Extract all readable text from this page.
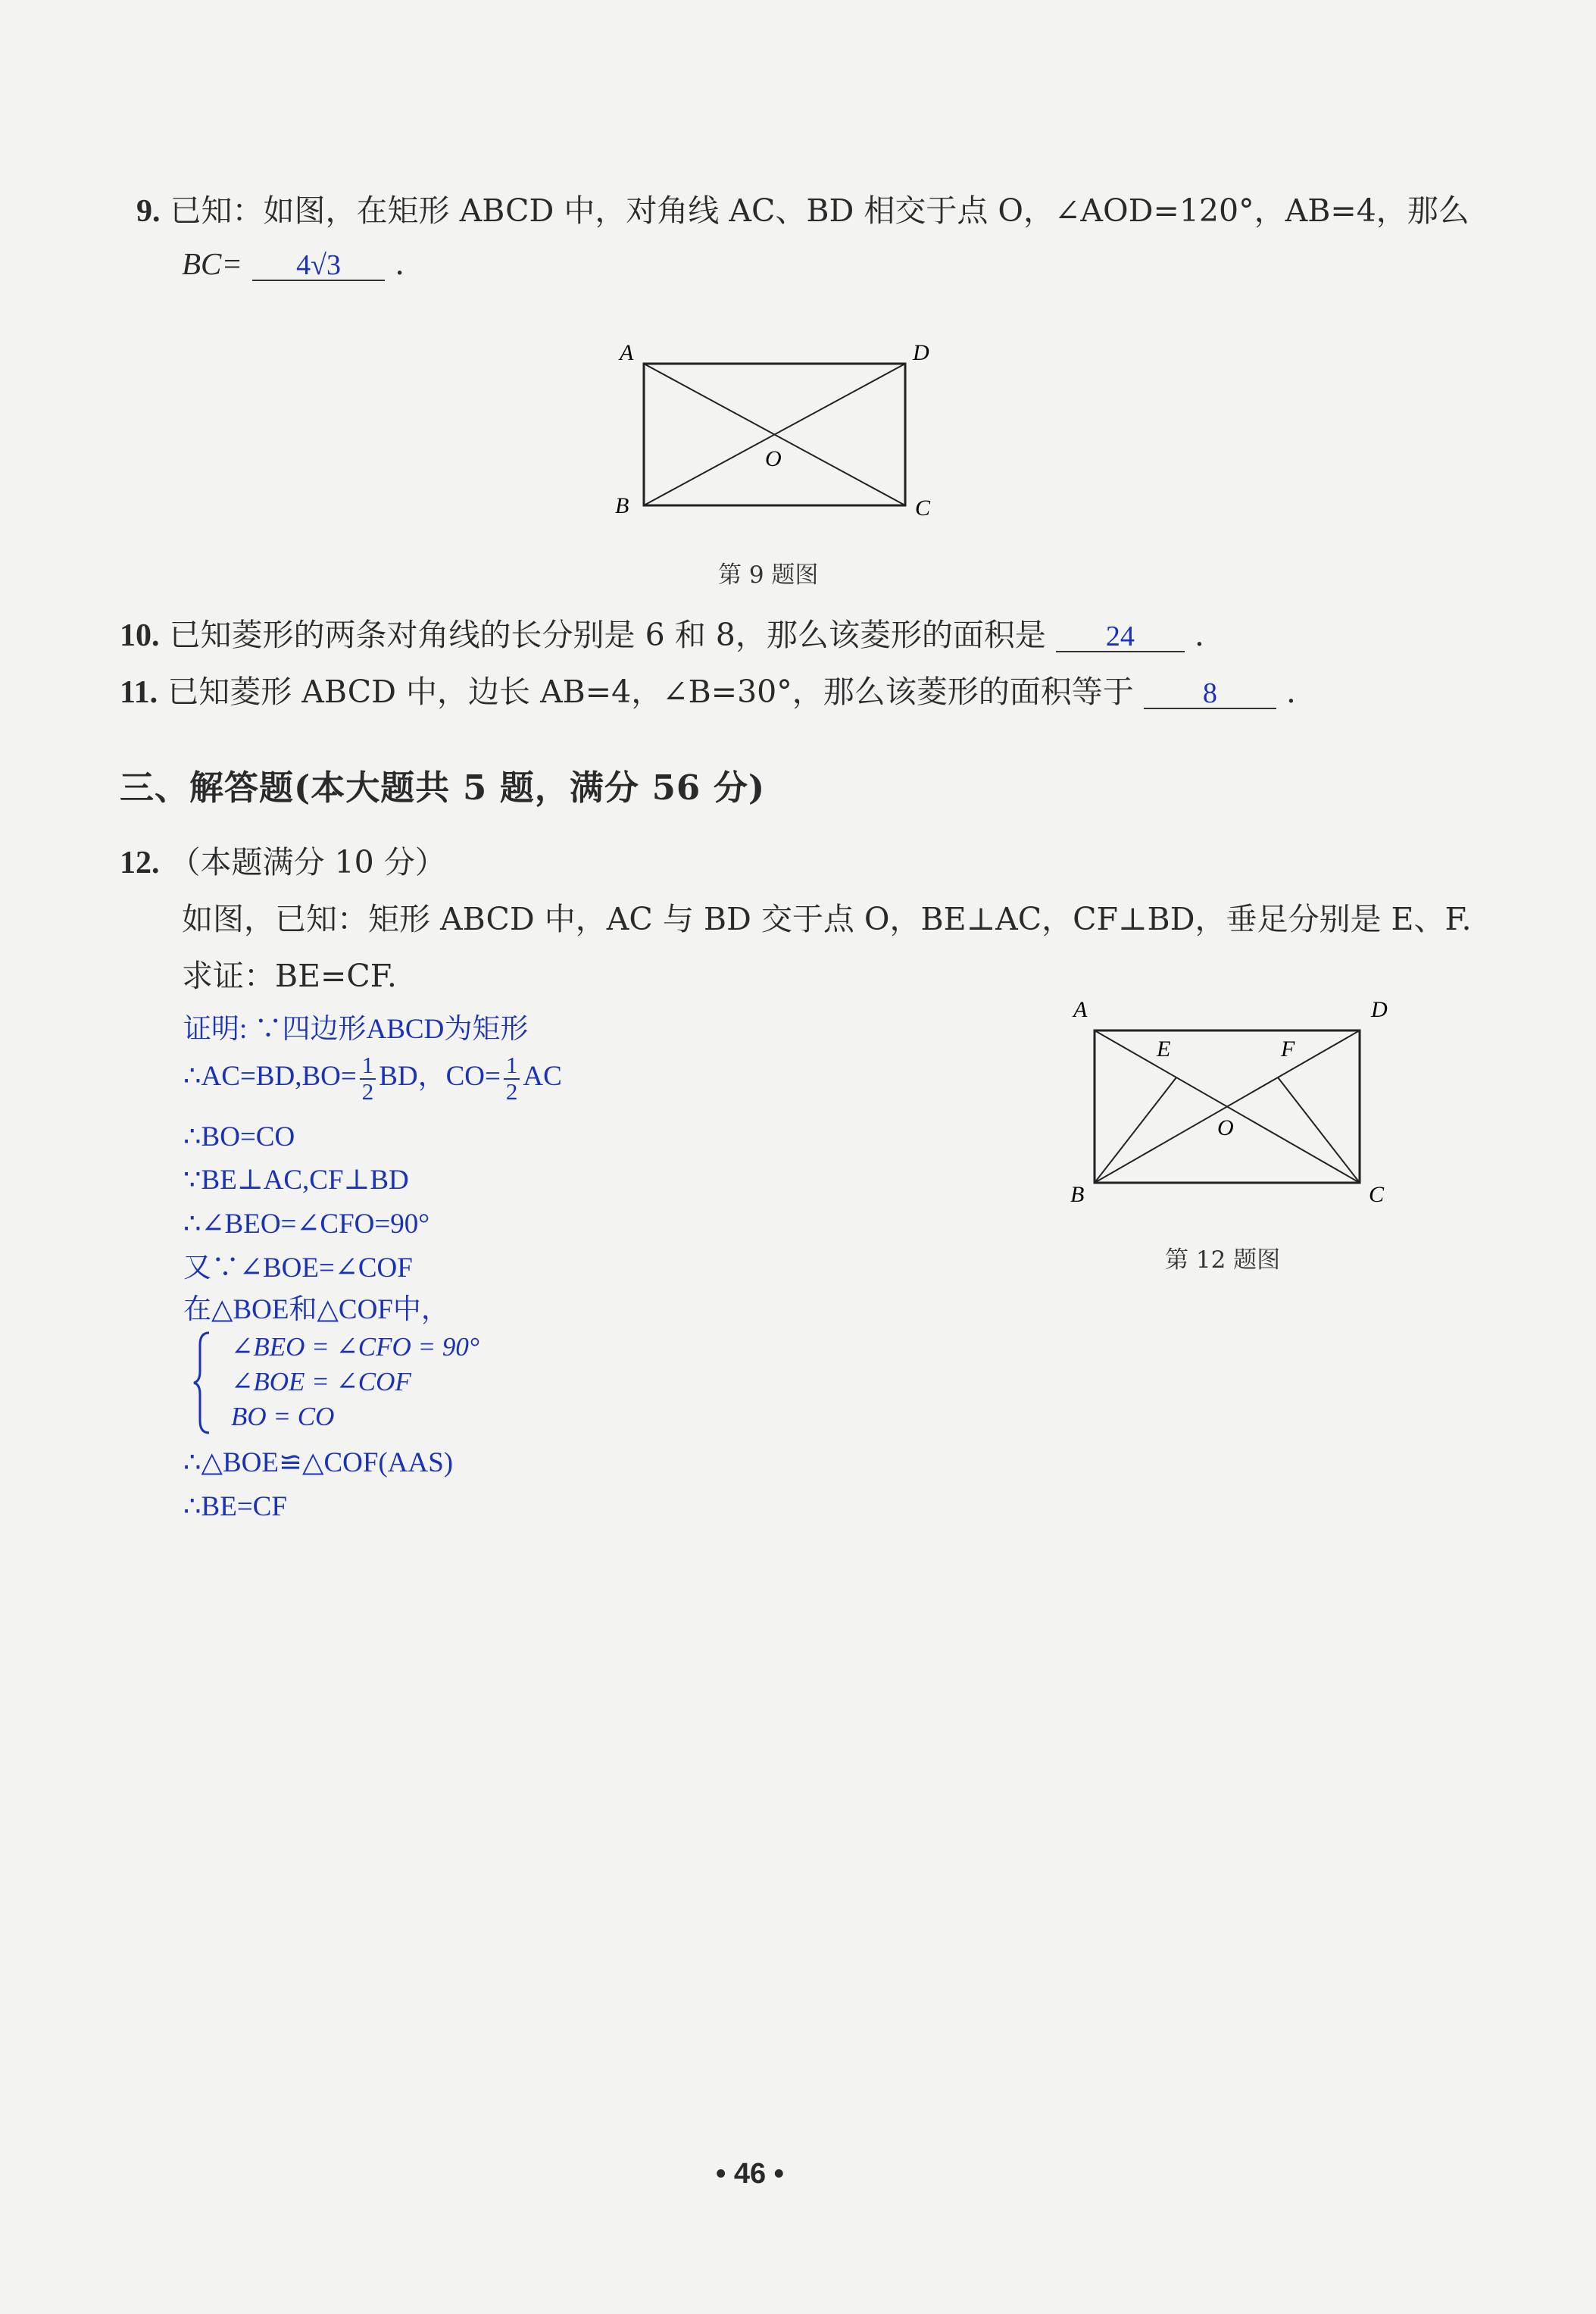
9. 已知：如图，在矩形 ABCD 中，对角线 AC、BD 相交于点 O，∠AOD=120°，AB=4，那么
BC= 4√3 .
A	D
B	C
O
第 9 题图
10. 已知菱形的两条对角线的长分别是 6 和 8，那么该菱形的面积是 24 .
11. 已知菱形 ABCD 中，边长 AB=4，∠B=30°，那么该菱形的面积等于 8 .
三、解答题(本大题共 5 题，满分 56 分)
12. （本题满分 10 分）
如图，已知：矩形 ABCD 中，AC 与 BD 交于点 O，BE⊥AC，CF⊥BD，垂足分别是 E、F.
求证：BE=CF.
证明: ∵四边形ABCD为矩形
∴AC=BD,BO= $\frac{1}{2}$ BD，$CO= \frac{1}{2}$ AC
∴BO=CO
∵BE⊥AC,CF⊥BD
∴∠BEO=∠CFO=90°
又∵∠BOE=∠COF
在△BOE和△COF中，
∠BEO = ∠CFO = 90°
∠BOE = ∠COF
BO = CO
∴△BOE≌△COF(AAS)
∴BE=CF
A	D
B	C
E	F
O
第 12 题图
• 46 •
